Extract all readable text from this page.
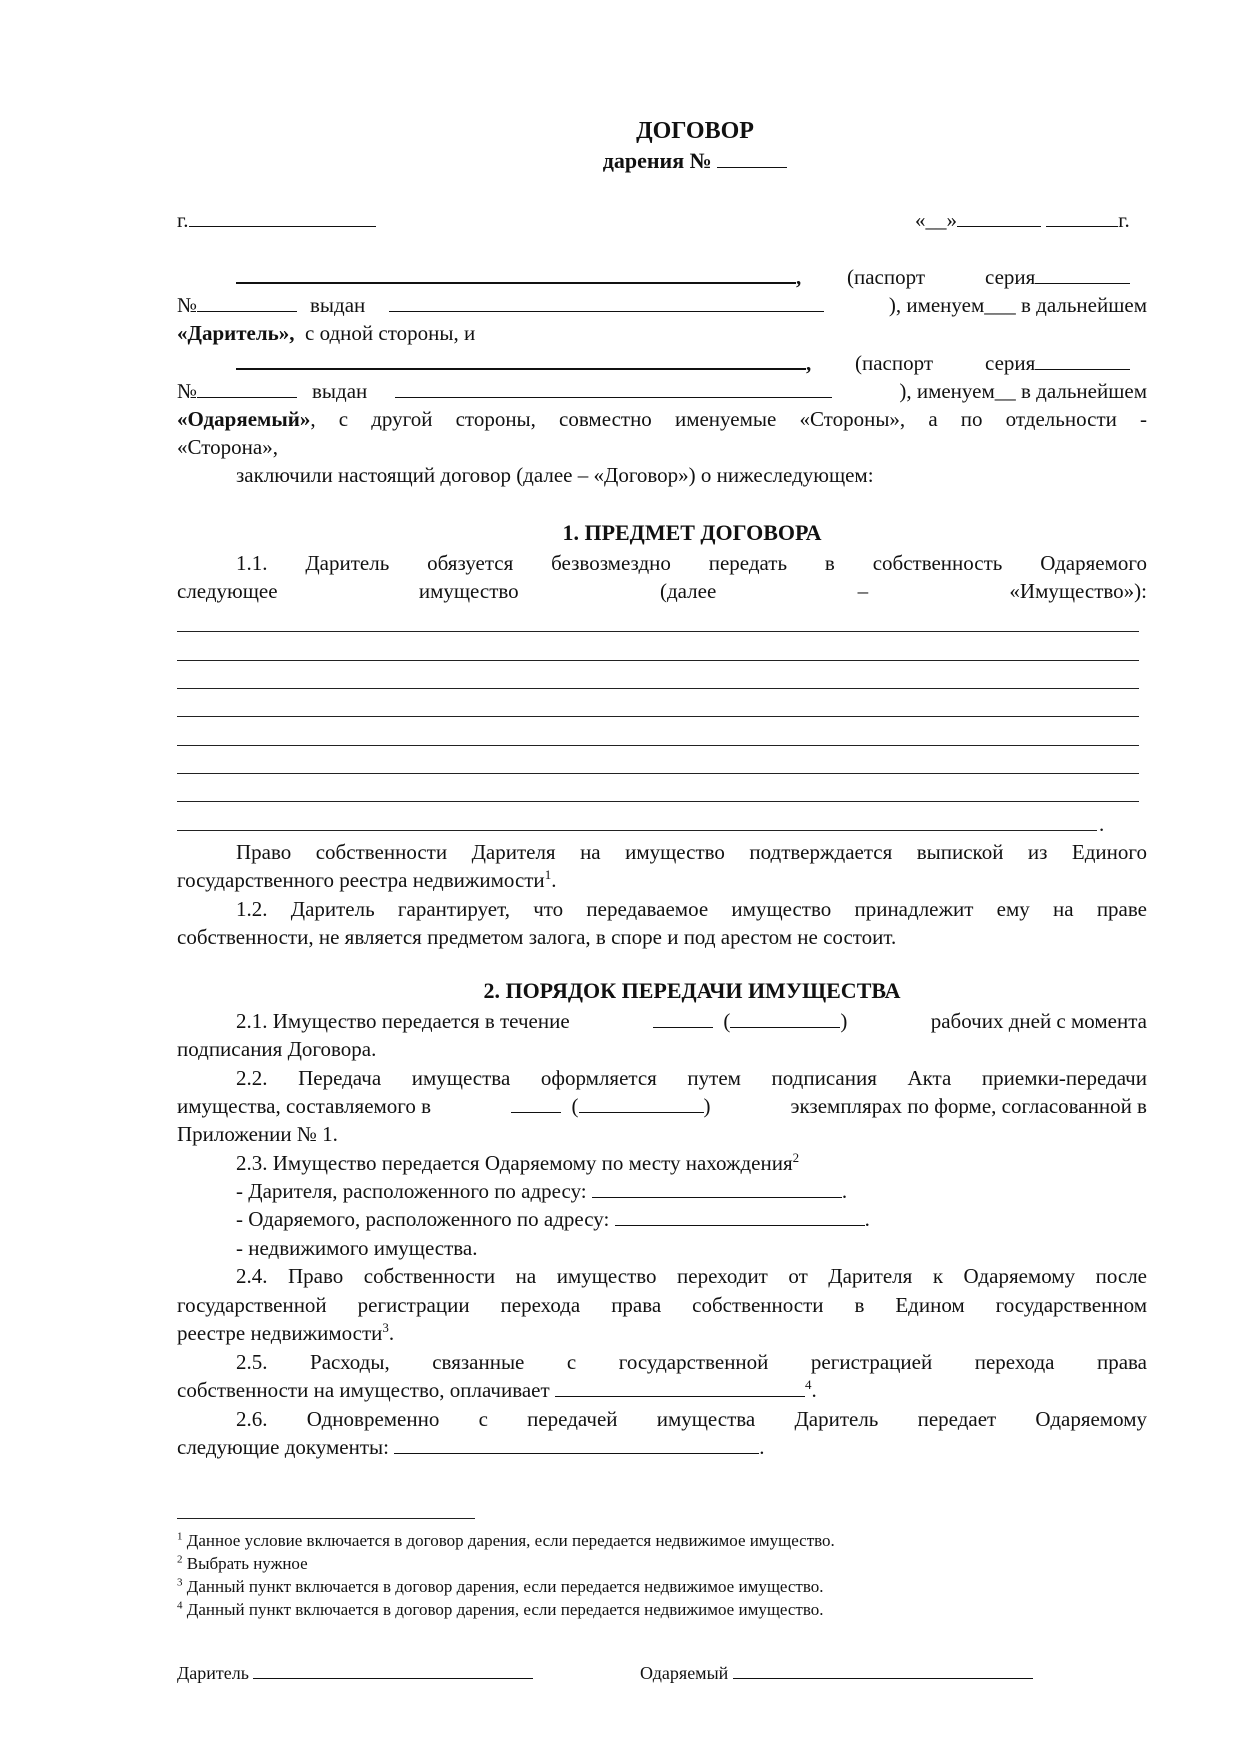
ДОГОВОР
дарения №
г.	«__»	г.
, (паспорт	серия
№	выдан	), именуем___ в дальнейшем
«Даритель», с одной стороны, и
, (паспорт серия
№	выдан	), именуем__ в дальнейшем
«Одаряемый», с другой стороны, совместно именуемые «Стороны», а по отдельности -
«Сторона»,
заключили настоящий договор (далее – «Договор») о нижеследующем:
1. ПРЕДМЕТ ДОГОВОРА
1.1. Даритель обязуется безвозмездно передать в собственность Одаряемого
следующее	имущество	(далее	–	«Имущество»):
.
Право собственности Дарителя на имущество подтверждается выпиской из Единого
государственного реестра недвижимости$^1$.
1.2. Даритель гарантирует, что передаваемое имущество принадлежит ему на праве
собственности, не является предметом залога, в споре и под арестом не состоит.
2. ПОРЯДОК ПЕРЕДАЧИ ИМУЩЕСТВА
2.1. Имущество передается в течение	(	)	рабочих дней с момента
подписания Договора.
2.2. Передача имущества оформляется путем подписания Акта приемки-передачи
имущества, составляемого в	(	)	экземплярах по форме, согласованной в
Приложении № 1.
2.3. Имущество передается Одаряемому по месту нахождения$^2$
- Дарителя, расположенного по адресу:	.
- Одаряемого, расположенного по адресу:	.
- недвижимого имущества.
2.4. Право собственности на имущество переходит от Дарителя к Одаряемому после
государственной регистрации перехода права собственности в Едином государственном
реестре недвижимости$^3$.
2.5. Расходы, связанные с государственной регистрацией перехода права
собственности на имущество, оплачивает	$^4$.
2.6. Одновременно с передачей имущества Даритель передает Одаряемому
следующие документы:	.
$^1$ Данное условие включается в договор дарения, если передается недвижимое имущество.
$^2$ Выбрать нужное
$^3$ Данный пункт включается в договор дарения, если передается недвижимое имущество.
$^4$ Данный пункт включается в договор дарения, если передается недвижимое имущество.
Даритель	Одаряемый
